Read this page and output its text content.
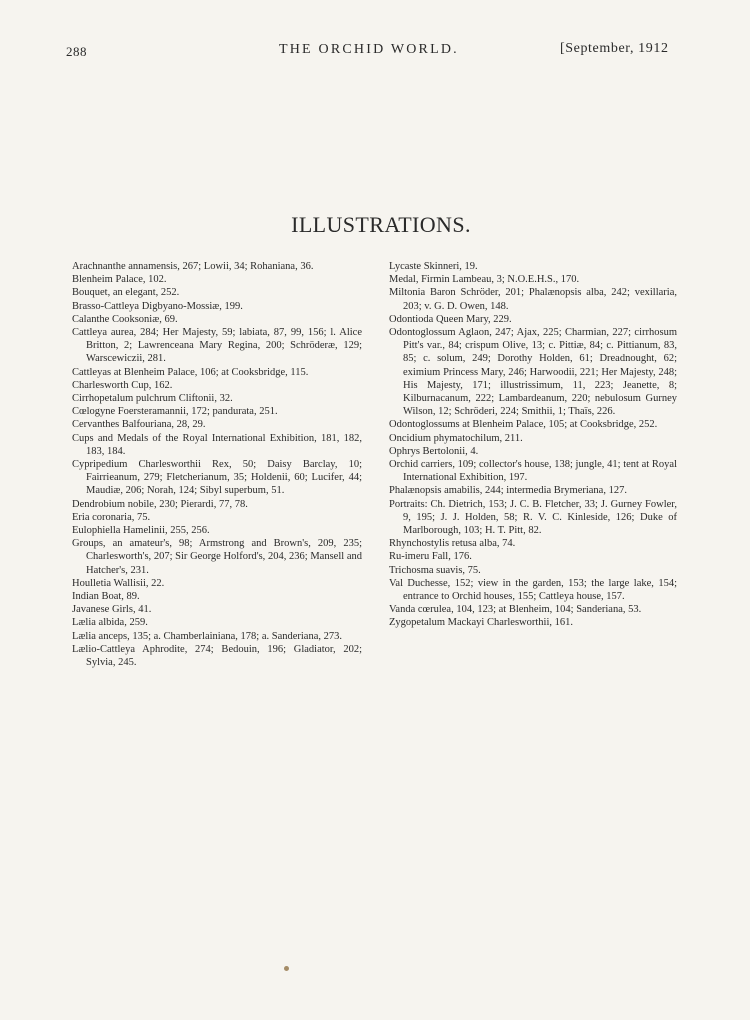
288	THE ORCHID WORLD.	[September, 1912
ILLUSTRATIONS.
Arachnanthe annamensis, 267; Lowii, 34; Rohaniana, 36.
Blenheim Palace, 102.
Bouquet, an elegant, 252.
Brasso-Cattleya Digbyano-Mossiæ, 199.
Calanthe Cooksoniæ, 69.
Cattleya aurea, 284; Her Majesty, 59; labiata, 87, 99, 156; l. Alice Britton, 2; Lawrenceana Mary Regina, 200; Schröderæ, 129; Warscewiczii, 281.
Cattleyas at Blenheim Palace, 106; at Cooksbridge, 115.
Charlesworth Cup, 162.
Cirrhopetalum pulchrum Cliftonii, 32.
Cœlogyne Foersteramannii, 172; pandurata, 251.
Cervanthes Balfouriana, 28, 29.
Cups and Medals of the Royal International Exhibition, 181, 182, 183, 184.
Cypripedium Charlesworthii Rex, 50; Daisy Barclay, 10; Fairrieanum, 279; Fletcherianum, 35; Holdenii, 60; Lucifer, 44; Maudiæ, 206; Norah, 124; Sibyl superbum, 51.
Dendrobium nobile, 230; Pierardi, 77, 78.
Eria coronaria, 75.
Eulophiella Hamelinii, 255, 256.
Groups, an amateur's, 98; Armstrong and Brown's, 209, 235; Charlesworth's, 207; Sir George Holford's, 204, 236; Mansell and Hatcher's, 231.
Houlletia Wallisii, 22.
Indian Boat, 89.
Javanese Girls, 41.
Lælia albida, 259.
Lælia anceps, 135; a. Chamberlainiana, 178; a. Sanderiana, 273.
Lælio-Cattleya Aphrodite, 274; Bedouin, 196; Gladiator, 202; Sylvia, 245.
Lycaste Skinneri, 19.
Medal, Firmin Lambeau, 3; N.O.E.H.S., 170.
Miltonia Baron Schröder, 201; Phalænopsis alba, 242; vexillaria, 203; v. G. D. Owen, 148.
Odontioda Queen Mary, 229.
Odontoglossum Aglaon, 247; Ajax, 225; Charmian, 227; cirrhosum Pitt's var., 84; crispum Olive, 13; c. Pittiæ, 84; c. Pittianum, 83, 85; c. solum, 249; Dorothy Holden, 61; Dreadnought, 62; eximium Princess Mary, 246; Harwoodii, 221; Her Majesty, 248; His Majesty, 171; illustrissimum, 11, 223; Jeanette, 8; Kilburnacanum, 222; Lambardeanum, 220; nebulosum Gurney Wilson, 12; Schröderi, 224; Smithii, 1; Thaïs, 226.
Odontoglossums at Blenheim Palace, 105; at Cooksbridge, 252.
Oncidium phymatochilum, 211.
Ophrys Bertolonii, 4.
Orchid carriers, 109; collector's house, 138; jungle, 41; tent at Royal International Exhibition, 197.
Phalænopsis amabilis, 244; intermedia Brymeriana, 127.
Portraits: Ch. Dietrich, 153; J. C. B. Fletcher, 33; J. Gurney Fowler, 9, 195; J. J. Holden, 58; R. V. C. Kinleside, 126; Duke of Marlborough, 103; H. T. Pitt, 82.
Rhynchostylis retusa alba, 74.
Ru-imeru Fall, 176.
Trichosma suavis, 75.
Val Duchesse, 152; view in the garden, 153; the large lake, 154; entrance to Orchid houses, 155; Cattleya house, 157.
Vanda cœrulea, 104, 123; at Blenheim, 104; Sanderiana, 53.
Zygopetalum Mackayi Charlesworthii, 161.
